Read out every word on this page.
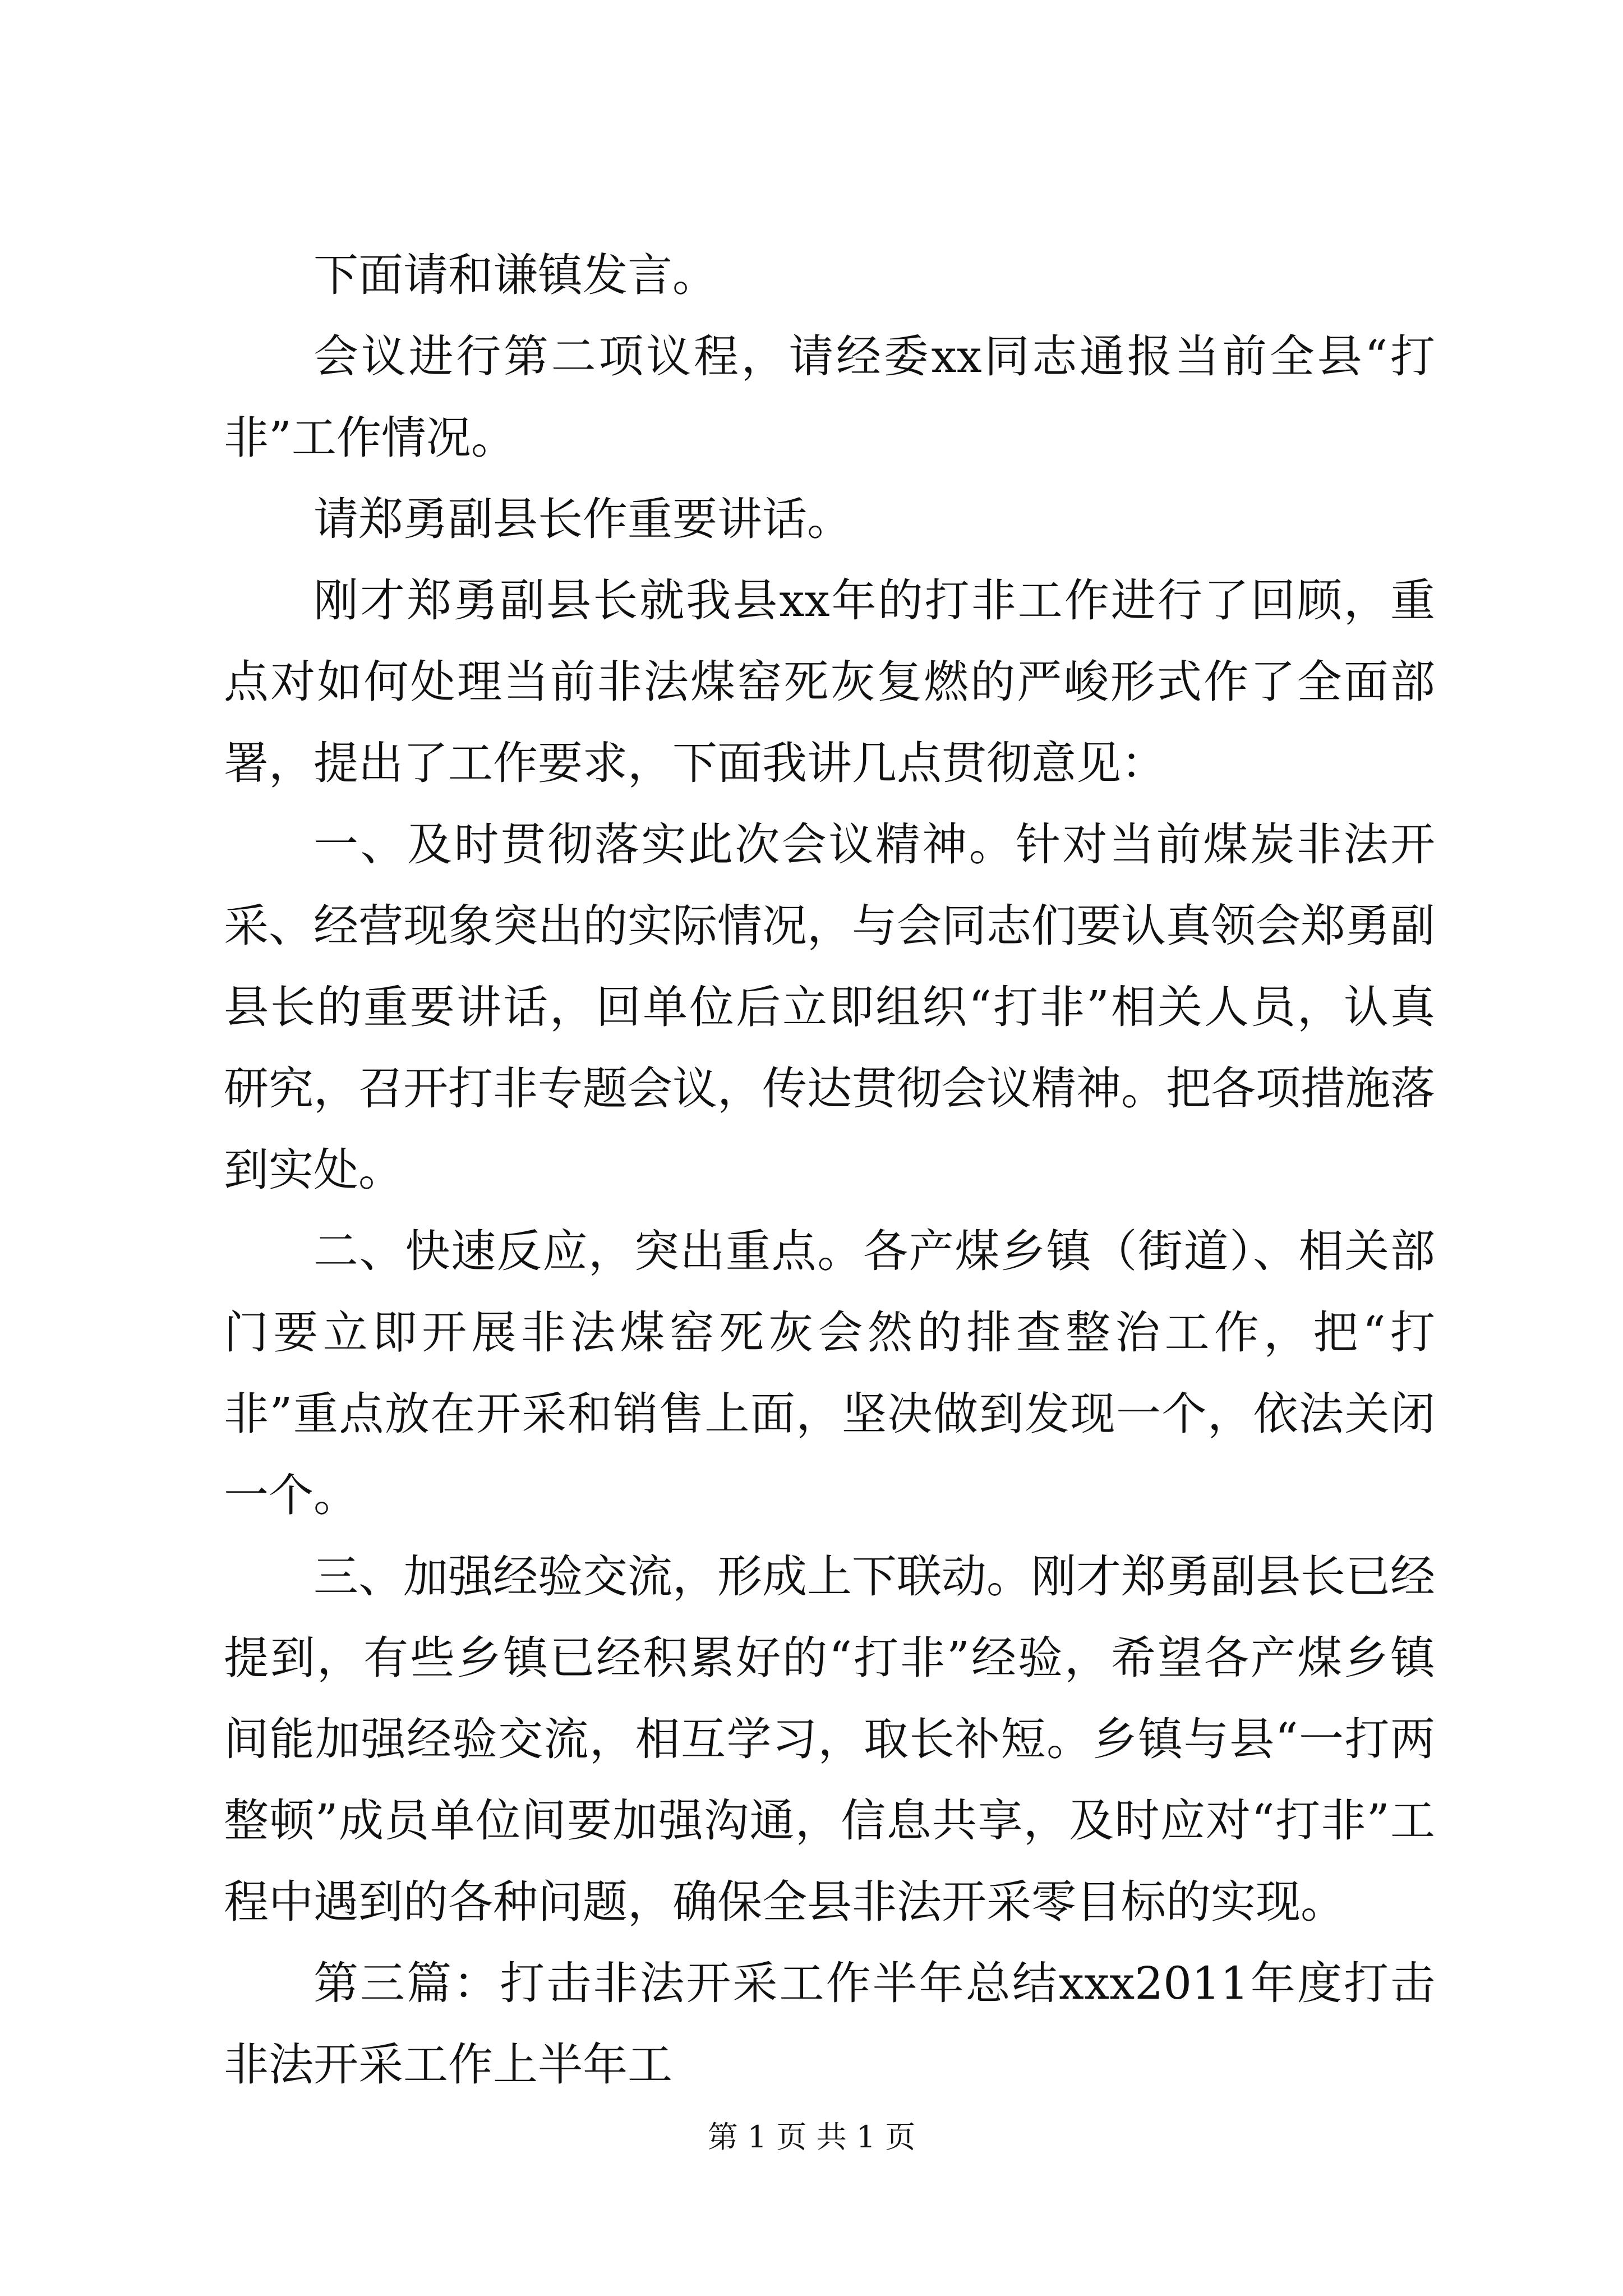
下面请和谦镇发言。

会议进行第二项议程，请经委xx同志通报当前全县“打非”工作情况。

请郑勇副县长作重要讲话。

刚才郑勇副县长就我县xx年的打非工作进行了回顾，重点对如何处理当前非法煤窑死灰复燃的严峻形式作了全面部署，提出了工作要求，下面我讲几点贯彻意见：

一、及时贯彻落实此次会议精神。针对当前煤炭非法开采、经营现象突出的实际情况，与会同志们要认真领会郑勇副县长的重要讲话，回单位后立即组织“打非”相关人员，认真研究，召开打非专题会议，传达贯彻会议精神。把各项措施落到实处。

二、快速反应，突出重点。各产煤乡镇（街道）、相关部门要立即开展非法煤窑死灰会然的排查整治工作，把“打非”重点放在开采和销售上面，坚决做到发现一个，依法关闭一个。

三、加强经验交流，形成上下联动。刚才郑勇副县长已经提到，有些乡镇已经积累好的“打非”经验，希望各产煤乡镇间能加强经验交流，相互学习，取长补短。乡镇与县“一打两整顿”成员单位间要加强沟通，信息共享，及时应对“打非”工程中遇到的各种问题，确保全县非法开采零目标的实现。

第三篇：打击非法开采工作半年总结xxx2011年度打击非法开采工作上半年工

第 1 页 共 1 页
